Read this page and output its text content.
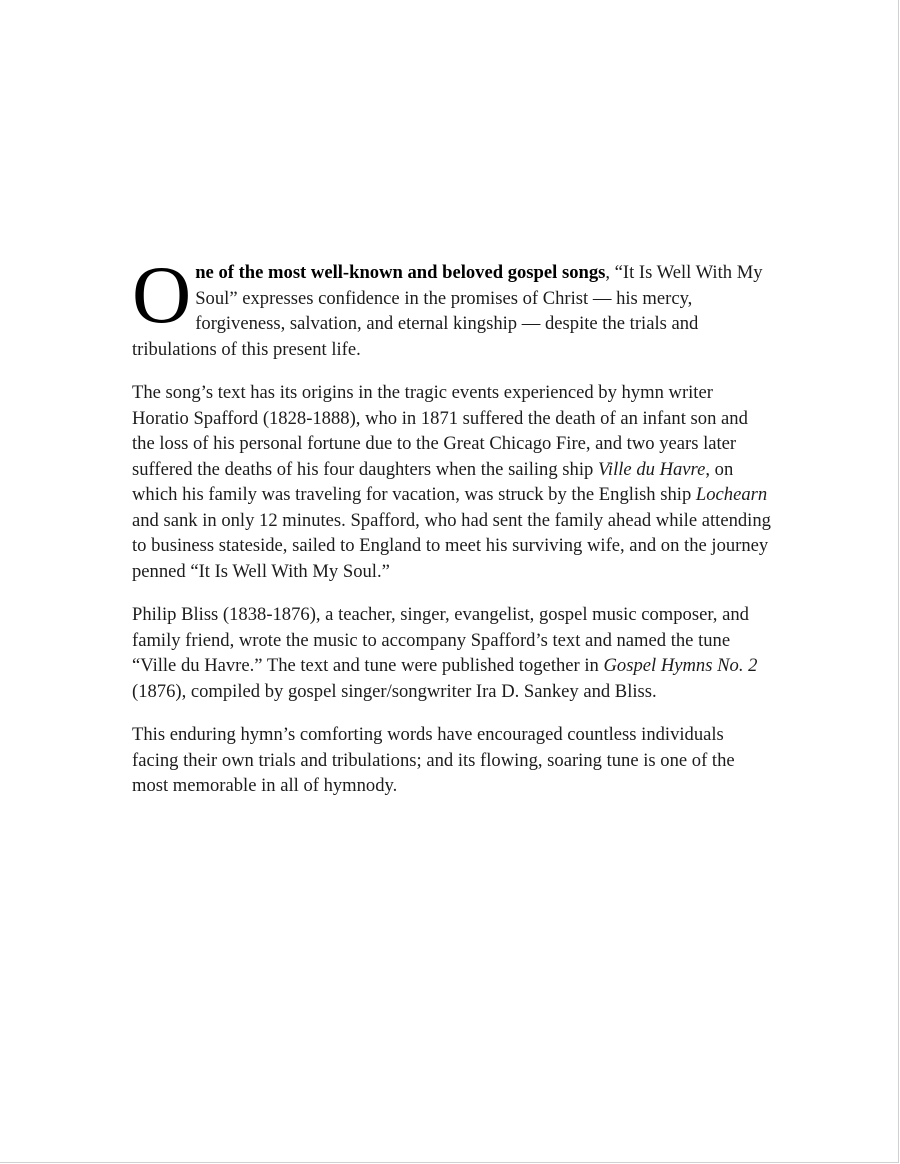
One of the most well-known and beloved gospel songs, “It Is Well With My Soul” expresses confidence in the promises of Christ — his mercy, forgiveness, salvation, and eternal kingship — despite the trials and tribulations of this present life.

The song’s text has its origins in the tragic events experienced by hymn writer Horatio Spafford (1828-1888), who in 1871 suffered the death of an infant son and the loss of his personal fortune due to the Great Chicago Fire, and two years later suffered the deaths of his four daughters when the sailing ship Ville du Havre, on which his family was traveling for vacation, was struck by the English ship Lochearn and sank in only 12 minutes. Spafford, who had sent the family ahead while attending to business stateside, sailed to England to meet his surviving wife, and on the journey penned “It Is Well With My Soul.”

Philip Bliss (1838-1876), a teacher, singer, evangelist, gospel music composer, and family friend, wrote the music to accompany Spafford’s text and named the tune “Ville du Havre.” The text and tune were published together in Gospel Hymns No. 2 (1876), compiled by gospel singer/songwriter Ira D. Sankey and Bliss.

This enduring hymn’s comforting words have encouraged countless individuals facing their own trials and tribulations; and its flowing, soaring tune is one of the most memorable in all of hymnody.
